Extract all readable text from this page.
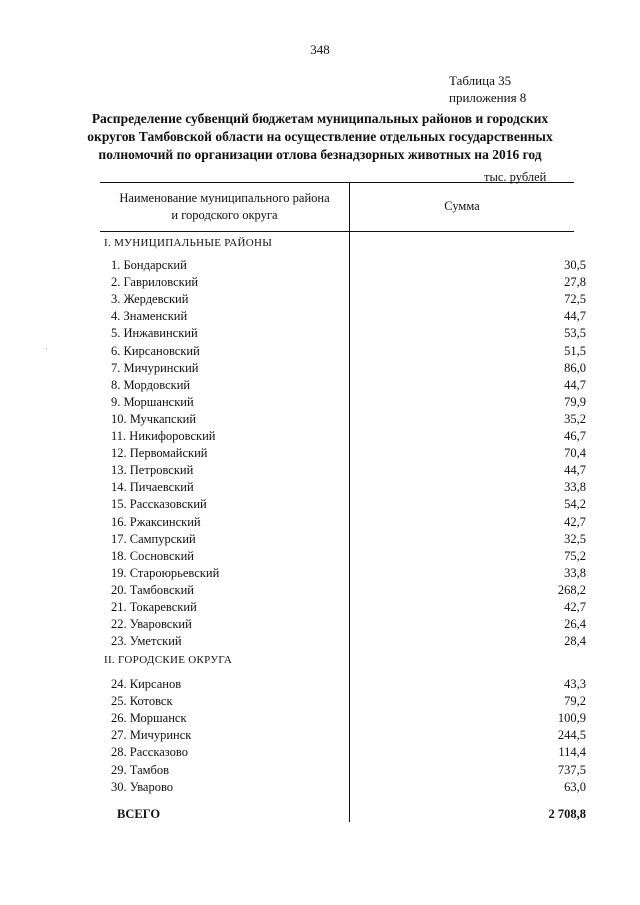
348
Таблица 35
приложения 8
Распределение субвенций бюджетам муниципальных районов и городских
округов Тамбовской области на осуществление отдельных государственных
полномочий по организации отлова безнадзорных животных на 2016 год
тыс. рублей
Наименование муниципального района
и городского округа
Сумма
I. МУНИЦИПАЛЬНЫЕ РАЙОНЫ
1. Бондарский	30,5
2. Гавриловский	27,8
3. Жердевский	72,5
4. Знаменский	44,7
5. Инжавинский	53,5
6. Кирсановский	51,5
7. Мичуринский	86,0
8. Мордовский	44,7
9. Моршанский	79,9
10. Мучкапский	35,2
11. Никифоровский	46,7
12. Первомайский	70,4
13. Петровский	44,7
14. Пичаевский	33,8
15. Рассказовский	54,2
16. Ржаксинский	42,7
17. Сампурский	32,5
18. Сосновский	75,2
19. Староюрьевский	33,8
20. Тамбовский	268,2
21. Токаревский	42,7
22. Уваровский	26,4
23. Уметский	28,4
II. ГОРОДСКИЕ ОКРУГА
24. Кирсанов	43,3
25. Котовск	79,2
26. Моршанск	100,9
27. Мичуринск	244,5
28. Рассказово	114,4
29. Тамбов	737,5
30. Уварово	63,0
ВСЕГО	2 708,8
·
